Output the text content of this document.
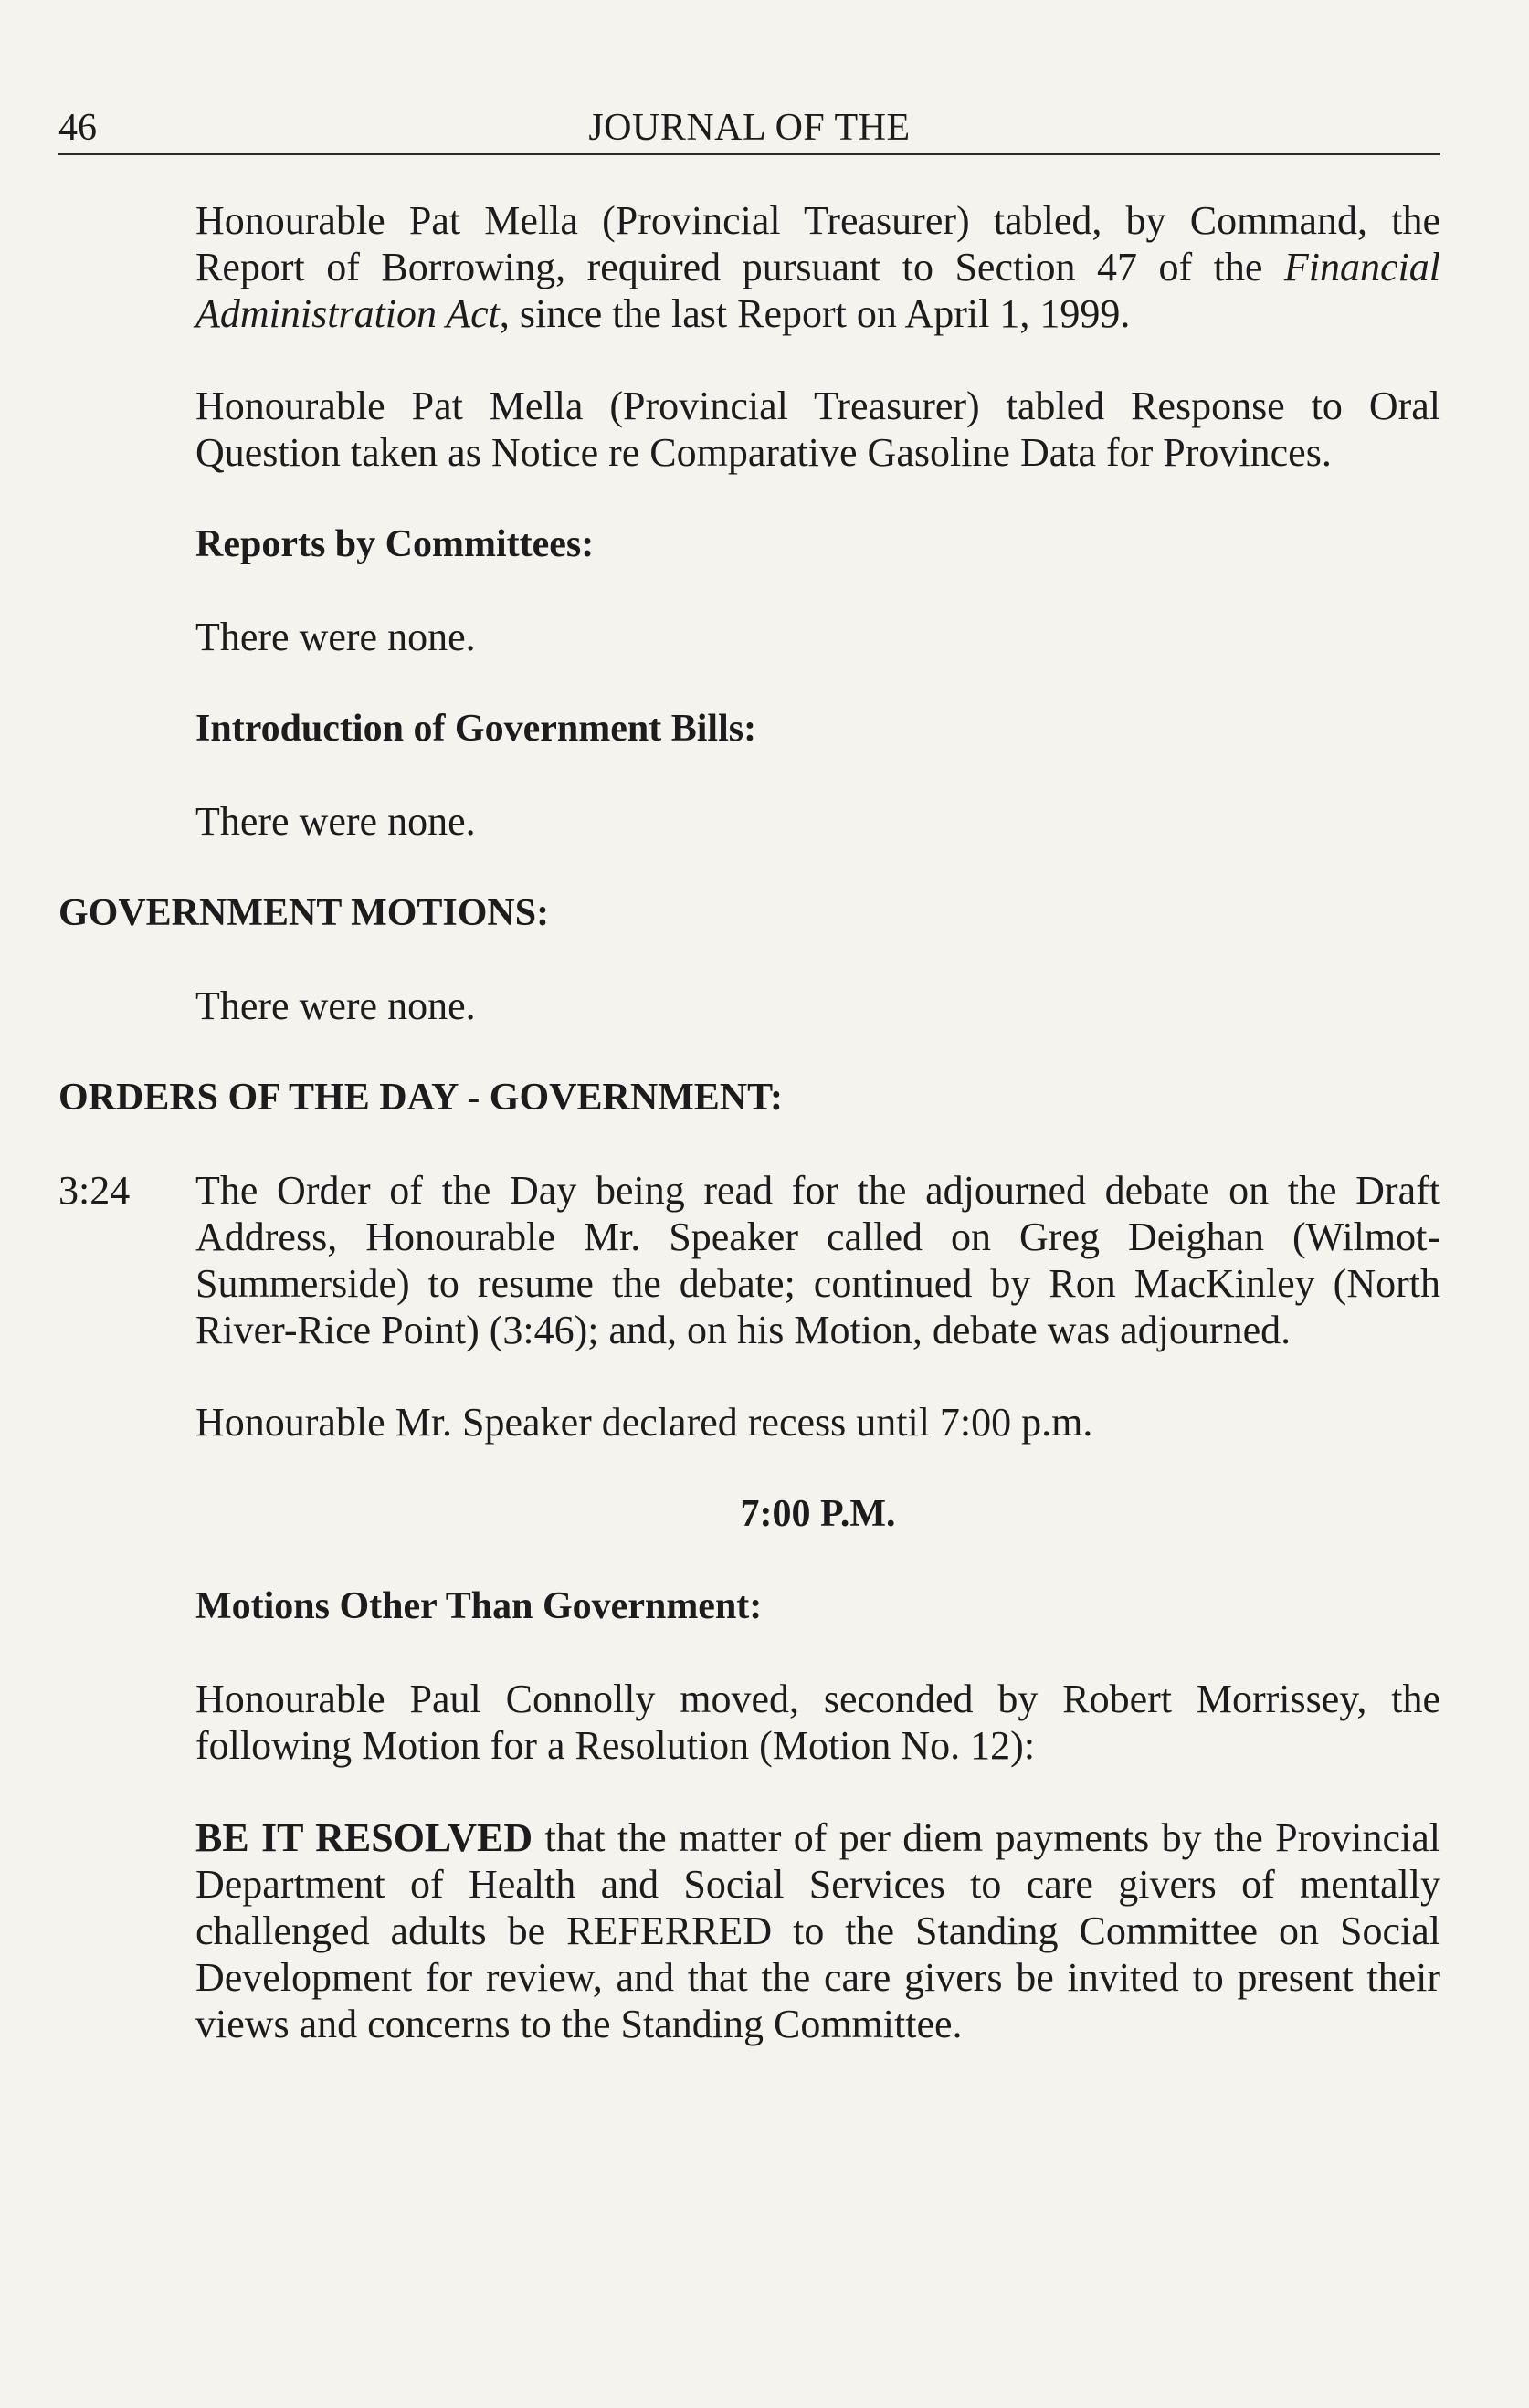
46	JOURNAL OF THE

Honourable Pat Mella (Provincial Treasurer) tabled, by Command, the Report of Borrowing, required pursuant to Section 47 of the Financial Administration Act, since the last Report on April 1, 1999.

Honourable Pat Mella (Provincial Treasurer) tabled Response to Oral Question taken as Notice re Comparative Gasoline Data for Provinces.

Reports by Committees:

There were none.

Introduction of Government Bills:

There were none.

GOVERNMENT MOTIONS:

There were none.

ORDERS OF THE DAY - GOVERNMENT:
3:24	The Order of the Day being read for the adjourned debate on the Draft Address, Honourable Mr. Speaker called on Greg Deighan (Wilmot-Summerside) to resume the debate; continued by Ron MacKinley (North River-Rice Point) (3:46); and, on his Motion, debate was adjourned.

Honourable Mr. Speaker declared recess until 7:00 p.m.

7:00 P.M.
Motions Other Than Government:

Honourable Paul Connolly moved, seconded by Robert Morrissey, the following Motion for a Resolution (Motion No. 12):

BE IT RESOLVED that the matter of per diem payments by the Provincial Department of Health and Social Services to care givers of mentally challenged adults be REFERRED to the Standing Committee on Social Development for review, and that the care givers be invited to present their views and concerns to the Standing Committee.
